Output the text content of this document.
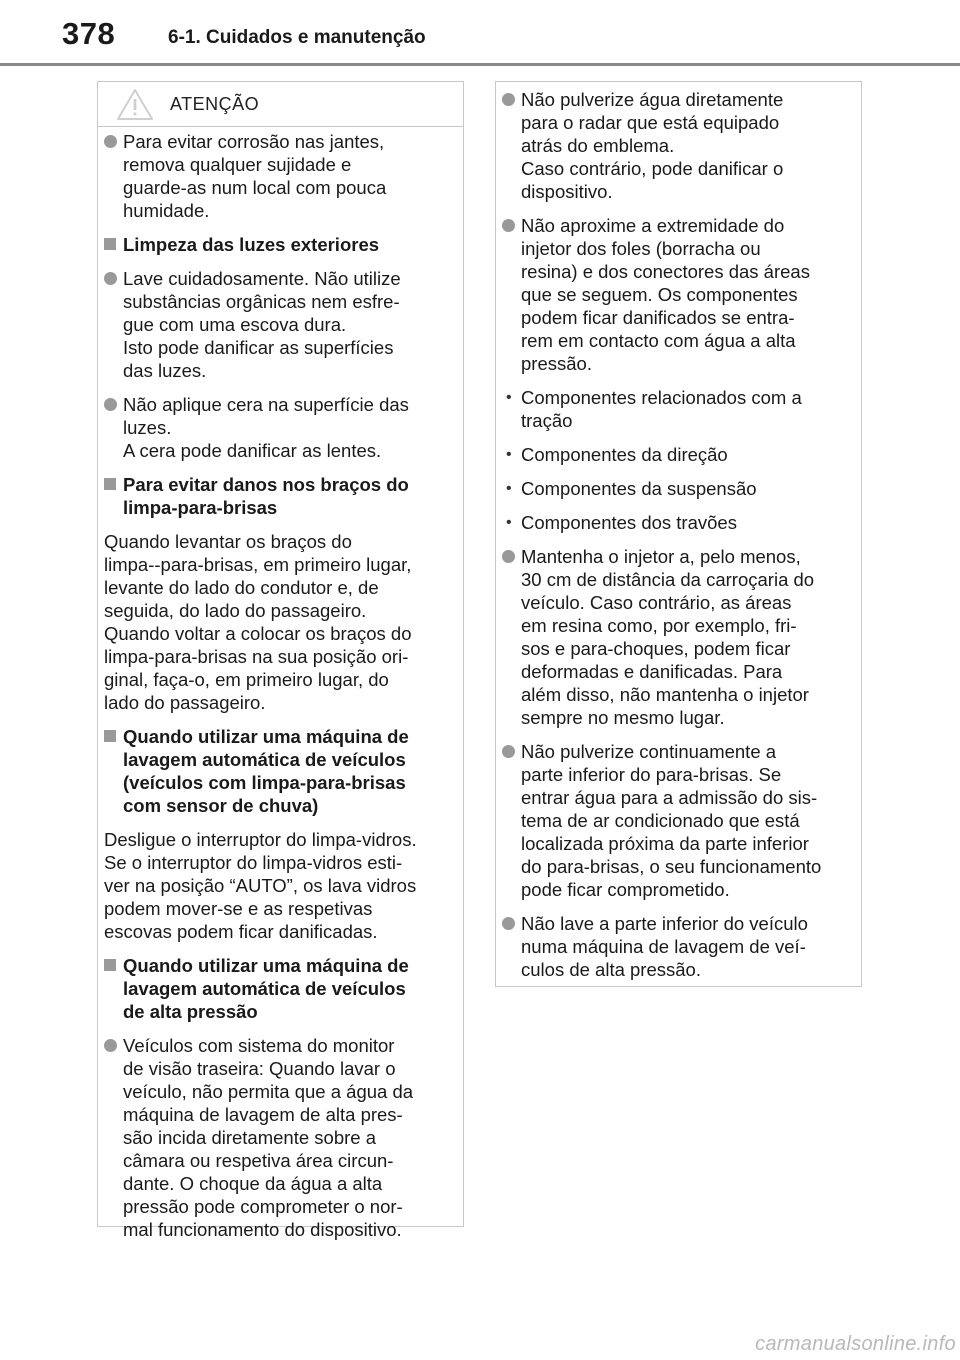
378	6-1. Cuidados e manutenção
ATENÇÃO
Para evitar corrosão nas jantes,
remova qualquer sujidade e
guarde-as num local com pouca
humidade.
Limpeza das luzes exteriores
Lave cuidadosamente. Não utilize
substâncias orgânicas nem esfre-
gue com uma escova dura.
Isto pode danificar as superfícies
das luzes.
Não aplique cera na superfície das
luzes.
A cera pode danificar as lentes.
Para evitar danos nos braços do
limpa-para-brisas
Quando levantar os braços do
limpa--para-brisas, em primeiro lugar,
levante do lado do condutor e, de
seguida, do lado do passageiro.
Quando voltar a colocar os braços do
limpa-para-brisas na sua posição ori-
ginal, faça-o, em primeiro lugar, do
lado do passageiro.
Quando utilizar uma máquina de
lavagem automática de veículos
(veículos com limpa-para-brisas
com sensor de chuva)
Desligue o interruptor do limpa-vidros.
Se o interruptor do limpa-vidros esti-
ver na posição “AUTO”, os lava vidros
podem mover-se e as respetivas
escovas podem ficar danificadas.
Quando utilizar uma máquina de
lavagem automática de veículos
de alta pressão
Veículos com sistema do monitor
de visão traseira: Quando lavar o
veículo, não permita que a água da
máquina de lavagem de alta pres-
são incida diretamente sobre a
câmara ou respetiva área circun-
dante. O choque da água a alta
pressão pode comprometer o nor-
mal funcionamento do dispositivo.
Não pulverize água diretamente
para o radar que está equipado
atrás do emblema.
Caso contrário, pode danificar o
dispositivo.
Não aproxime a extremidade do
injetor dos foles (borracha ou
resina) e dos conectores das áreas
que se seguem. Os componentes
podem ficar danificados se entra-
rem em contacto com água a alta
pressão.
• Componentes relacionados com a
tração
• Componentes da direção
• Componentes da suspensão
• Componentes dos travões
Mantenha o injetor a, pelo menos,
30 cm de distância da carroçaria do
veículo. Caso contrário, as áreas
em resina como, por exemplo, fri-
sos e para-choques, podem ficar
deformadas e danificadas. Para
além disso, não mantenha o injetor
sempre no mesmo lugar.
Não pulverize continuamente a
parte inferior do para-brisas. Se
entrar água para a admissão do sis-
tema de ar condicionado que está
localizada próxima da parte inferior
do para-brisas, o seu funcionamento
pode ficar comprometido.
Não lave a parte inferior do veículo
numa máquina de lavagem de veí-
culos de alta pressão.
carmanualsonline.info
